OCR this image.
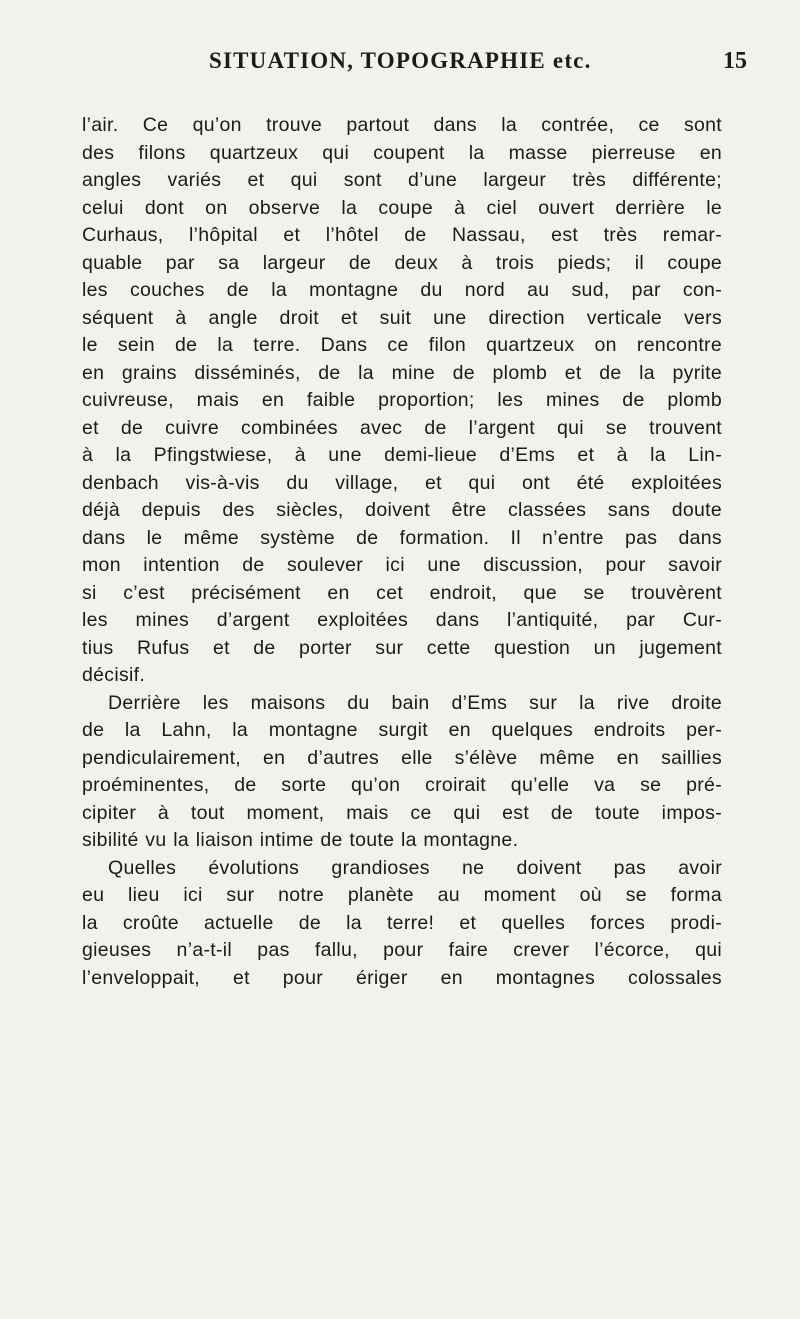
SITUATION, TOPOGRAPHIE etc.	15
l’air. Ce qu’on trouve partout dans la contrée, ce sont
des filons quartzeux qui coupent la masse pierreuse en
angles variés et qui sont d’une largeur très différente;
celui dont on observe la coupe à ciel ouvert derrière le
Curhaus, l’hôpital et l’hôtel de Nassau, est très remar-
quable par sa largeur de deux à trois pieds; il coupe
les couches de la montagne du nord au sud, par con-
séquent à angle droit et suit une direction verticale vers
le sein de la terre. Dans ce filon quartzeux on rencontre
en grains disséminés, de la mine de plomb et de la pyrite
cuivreuse, mais en faible proportion; les mines de plomb
et de cuivre combinées avec de l’argent qui se trouvent
à la Pfingstwiese, à une demi-lieue d’Ems et à la Lin-
denbach vis-à-vis du village, et qui ont été exploitées
déjà depuis des siècles, doivent être classées sans doute
dans le même système de formation. Il n’entre pas dans
mon intention de soulever ici une discussion, pour savoir
si c’est précisément en cet endroit, que se trouvèrent
les mines d’argent exploitées dans l’antiquité, par Cur-
tius Rufus et de porter sur cette question un jugement
décisif.
Derrière les maisons du bain d’Ems sur la rive droite
de la Lahn, la montagne surgit en quelques endroits per-
pendiculairement, en d’autres elle s’élève même en saillies
proéminentes, de sorte qu’on croirait qu’elle va se pré-
cipiter à tout moment, mais ce qui est de toute impos-
sibilité vu la liaison intime de toute la montagne.
Quelles évolutions grandioses ne doivent pas avoir
eu lieu ici sur notre planète au moment où se forma
la croûte actuelle de la terre! et quelles forces prodi-
gieuses n’a-t-il pas fallu, pour faire crever l’écorce, qui
l’enveloppait, et pour ériger en montagnes colossales
